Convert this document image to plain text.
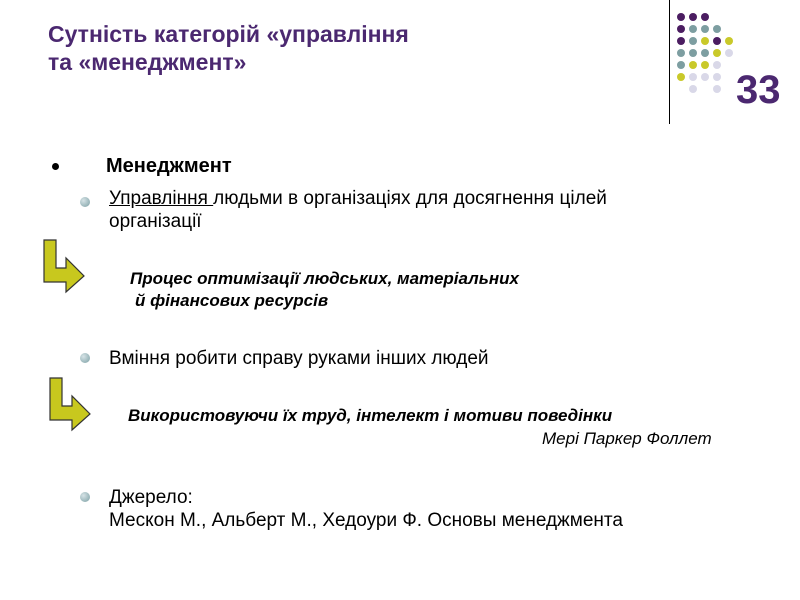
Сутність категорій «управління
та «менеджмент»
33
Менеджмент
Управління людьми в організаціях для досягнення цілей
організації
Процес оптимізації людських, матеріальних
й фінансових ресурсів
Вміння робити справу руками інших людей
Використовуючи їх труд, інтелект і мотиви поведінки
Мері Паркер Фоллет
Джерело:
Мескон М., Альберт М., Хедоури Ф. Основы менеджмента
